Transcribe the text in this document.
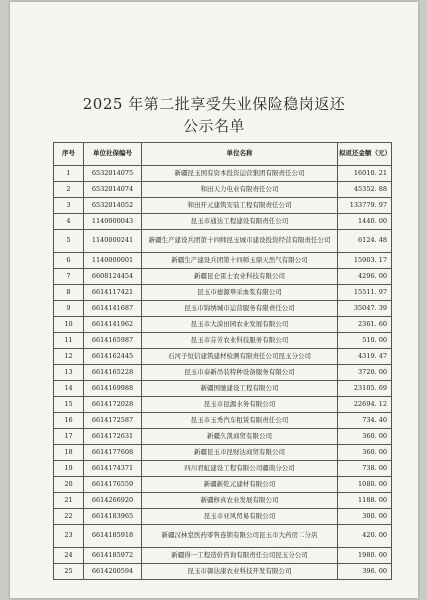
2025 年第二批享受失业保险稳岗返还
公示名单
序号	单位社保编号	单位名称	拟返还金额（元）
1	6532014075	新疆昆玉国有资本投资运营集团有限责任公司	16010. 21
2	6532014074	和田天力电业有限责任公司	45352. 88
3	6532014052	和田开元建筑安装工程有限责任公司	133779. 97
4	1140000043	昆玉市通达工程建设有限责任公司	1440. 00
5	1140000241	新疆生产建设兵团第十四师昆玉城市建设投资经营有限责任公司	6124. 48
6	1140000001	新疆生产建设兵团第十四师玉鼎天然气有限公司	15903. 17
7	6608124454	新疆昆仑雷士农业科技有限公司	4296. 00
8	6614117421	昆玉市德源畢采血浆有限公司	15511. 97
9	6614141687	昆玉市锦绣城市运营服务有限责任公司	35047. 39
10	6614141962	昆玉市大漠田园农业发展有限公司	2361. 60
11	6614165987	昆玉市芬芳农业科技服务有限公司	510. 00
12	6614162445	石河子恒信建筑建材检测有限责任公司昆玉分公司	4319. 47
13	6614165228	昆玉市泰新吊装特种设备服务有限公司	3720. 00
14	6614169988	新疆国驰建设工程有限公司	23105. 69
15	6614172028	昆玉市昆源水务有限公司	22694. 12
16	6614172587	昆玉市玉秀汽车租赁有限责任公司	734. 40
17	6614172631	新疆久凯商贸有限公司	360. 00
18	6614177608	新疆昆玉市昆财达商贸有限公司	360. 00
19	6614174371	四川君虹建设工程有限公司疆南分公司	738. 00
20	6614176559	新疆新乾元建材有限公司	1080. 00
21	6614266920	新疆修真农业发展有限公司	1188. 00
22	6614183965	昆玉市亚风贸易有限公司	300. 00
23	6614185918	新疆汉林堂医药零售连锁有限公司昆玉市大药房二分店	420. 00
24	6614185972	新疆得一工程造价咨询有限责任公司昆玉分公司	1980. 00
25	6614200594	昆玉市御达康农业科技开发有限公司	396. 00
